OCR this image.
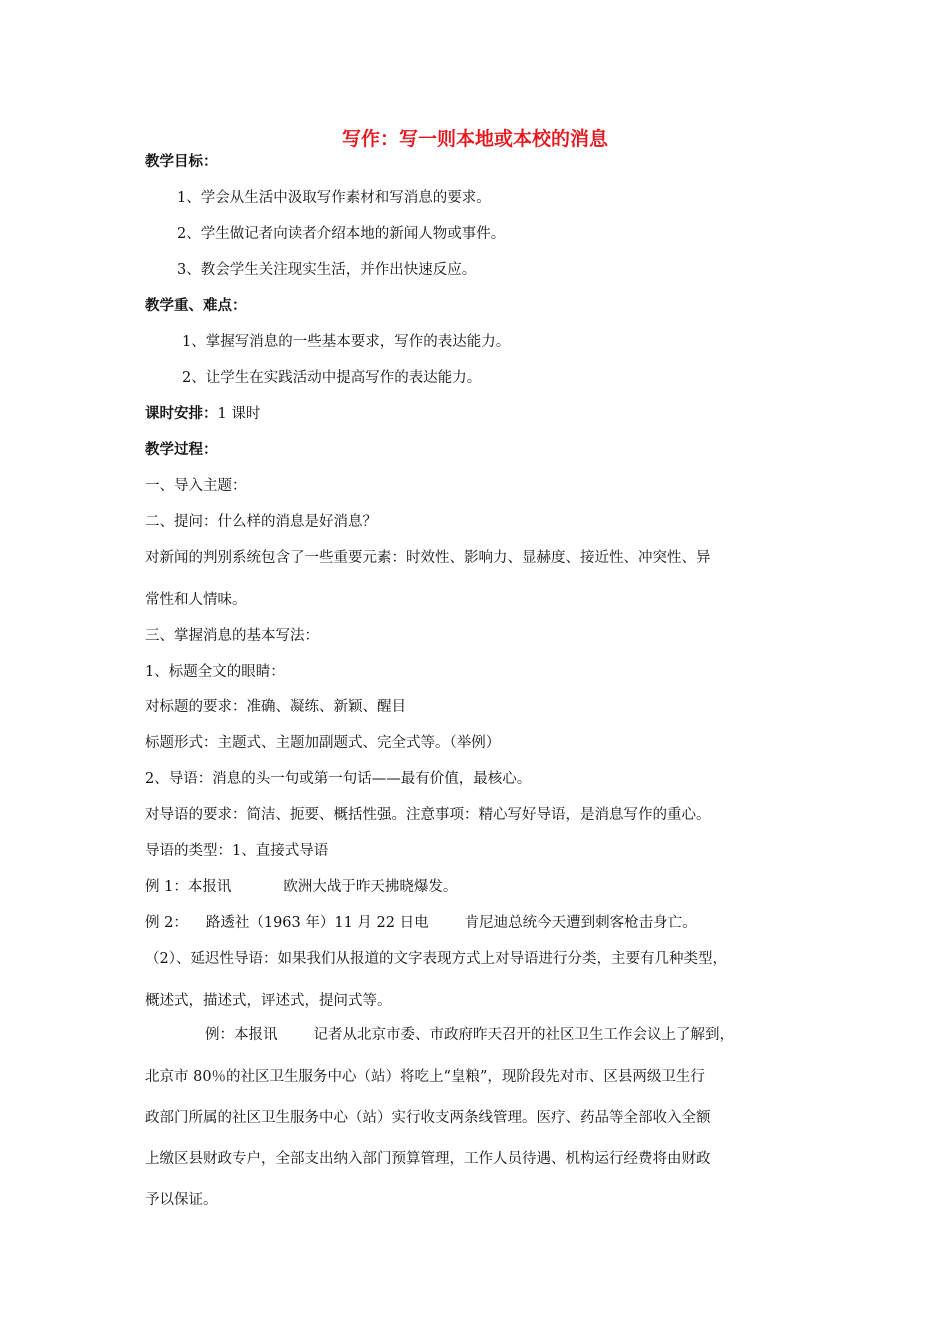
写作：写一则本地或本校的消息
教学目标：
1、学会从生活中汲取写作素材和写消息的要求。
2、学生做记者向读者介绍本地的新闻人物或事件。
3、教会学生关注现实生活，并作出快速反应。
教学重、难点：
1、掌握写消息的一些基本要求，写作的表达能力。
2、让学生在实践活动中提高写作的表达能力。
课时安排：1 课时
教学过程：
一、导入主题：
二、提问：什么样的消息是好消息？
对新闻的判别系统包含了一些重要元素：时效性、影响力、显赫度、接近性、冲突性、异
常性和人情味。
三、掌握消息的基本写法：
1、标题全文的眼睛：
对标题的要求：准确、凝练、新颖、醒目
标题形式：主题式、主题加副题式、完全式等。（举例）
2、导语：消息的头一句或第一句话——最有价值，最核心。
对导语的要求：简洁、扼要、概括性强。注意事项：精心写好导语，是消息写作的重心。
导语的类型：1、直接式导语
例 1：本报讯	欧洲大战于昨天拂晓爆发。
例 2： 路透社（1963 年）11 月 22 日电 肯尼迪总统今天遭到刺客枪击身亡。
（2）、延迟性导语：如果我们从报道的文字表现方式上对导语进行分类，主要有几种类型，
概述式，描述式，评述式，提问式等。
例：本报讯 记者从北京市委、市政府昨天召开的社区卫生工作会议上了解到，
北京市 80％的社区卫生服务中心（站）将吃上“皇粮”，现阶段先对市、区县两级卫生行
政部门所属的社区卫生服务中心（站）实行收支两条线管理。医疗、药品等全部收入全额
上缴区县财政专户，全部支出纳入部门预算管理，工作人员待遇、机构运行经费将由财政
予以保证。
